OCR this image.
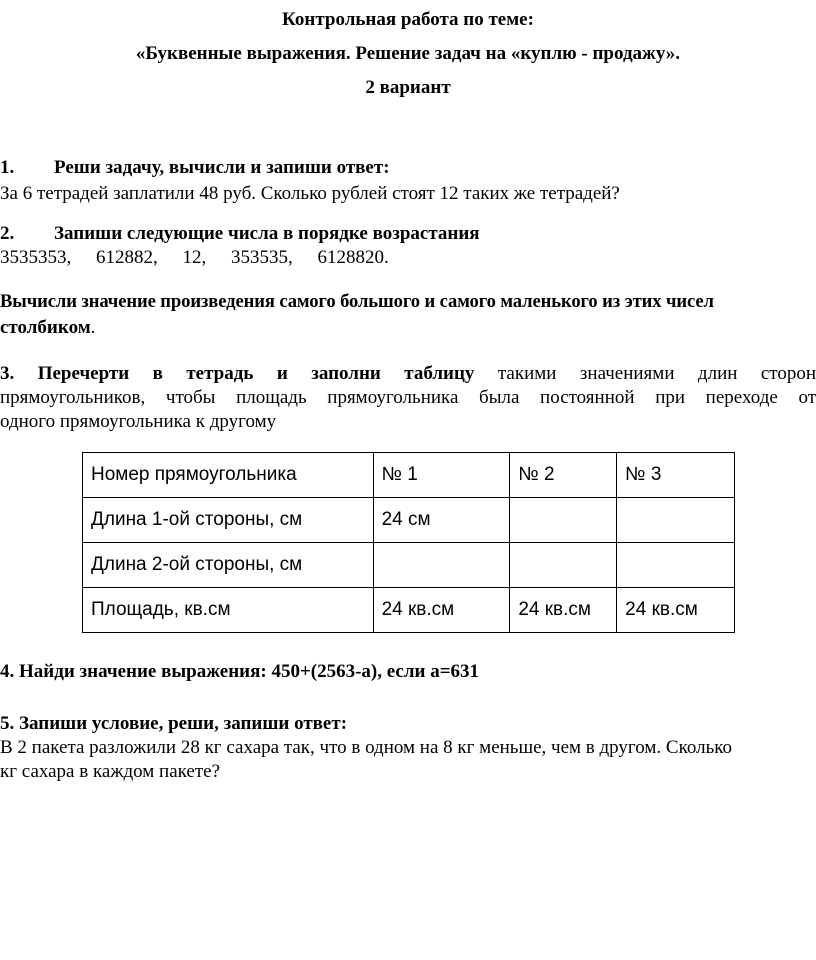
Контрольная работа по теме:
«Буквенные выражения. Решение задач на «куплю - продажу».
2 вариант
1. Реши задачу, вычисли и запиши ответ:
За 6 тетрадей заплатили 48 руб. Сколько рублей стоят 12 таких же тетрадей?
2. Запиши следующие числа в порядке возрастания
3535353, 612882, 12, 353535, 6128820.
Вычисли значение произведения самого большого и самого маленького из этих чисел
столбиком.
3. Перечерти в тетрадь и заполни таблицу такими значениями длин сторон
прямоугольников, чтобы площадь прямоугольника была постоянной при переходе от
одного прямоугольника к другому
Номер прямоугольника	№ 1	№ 2	№ 3
Длина 1-ой стороны, см	24 см		
Длина 2-ой стороны, см			
Площадь, кв.см	24 кв.см	24 кв.см	24 кв.см
4. Найди значение выражения: 450+(2563-а), если а=631
5. Запиши условие, реши, запиши ответ:
В 2 пакета разложили 28 кг сахара так, что в одном на 8 кг меньше, чем в другом. Сколько
кг сахара в каждом пакете?
